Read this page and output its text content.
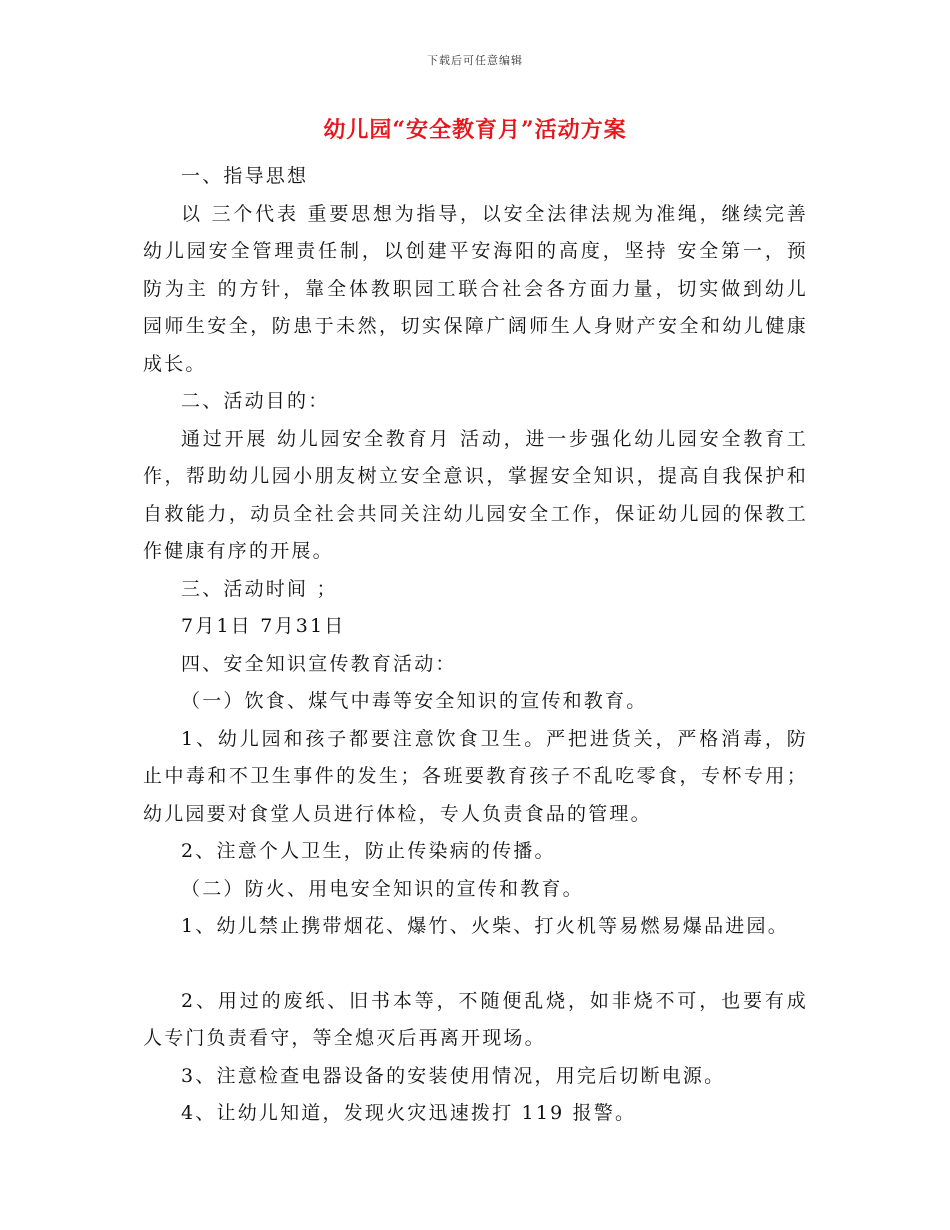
下载后可任意编辑
幼儿园“安全教育月”活动方案

一、指导思想

以 三个代表 重要思想为指导，以安全法律法规为准绳，继续完善幼儿园安全管理责任制，以创建平安海阳的高度，坚持 安全第一，预防为主 的方针，靠全体教职园工联合社会各方面力量，切实做到幼儿园师生安全，防患于未然，切实保障广阔师生人身财产安全和幼儿健康成长。

二、活动目的：

通过开展 幼儿园安全教育月 活动，进一步强化幼儿园安全教育工作，帮助幼儿园小朋友树立安全意识，掌握安全知识，提高自我保护和自救能力，动员全社会共同关注幼儿园安全工作，保证幼儿园的保教工作健康有序的开展。

三、活动时间 ；

7月1日 7月31日

四、安全知识宣传教育活动：

（一）饮食、煤气中毒等安全知识的宣传和教育。

1、幼儿园和孩子都要注意饮食卫生。严把进货关，严格消毒，防止中毒和不卫生事件的发生；各班要教育孩子不乱吃零食，专杯专用；幼儿园要对食堂人员进行体检，专人负责食品的管理。

2、注意个人卫生，防止传染病的传播。

（二）防火、用电安全知识的宣传和教育。

1、幼儿禁止携带烟花、爆竹、火柴、打火机等易燃易爆品进园。

2、用过的废纸、旧书本等，不随便乱烧，如非烧不可，也要有成人专门负责看守，等全熄灭后再离开现场。

3、注意检查电器设备的安装使用情况，用完后切断电源。

4、让幼儿知道，发现火灾迅速拨打 119 报警。
